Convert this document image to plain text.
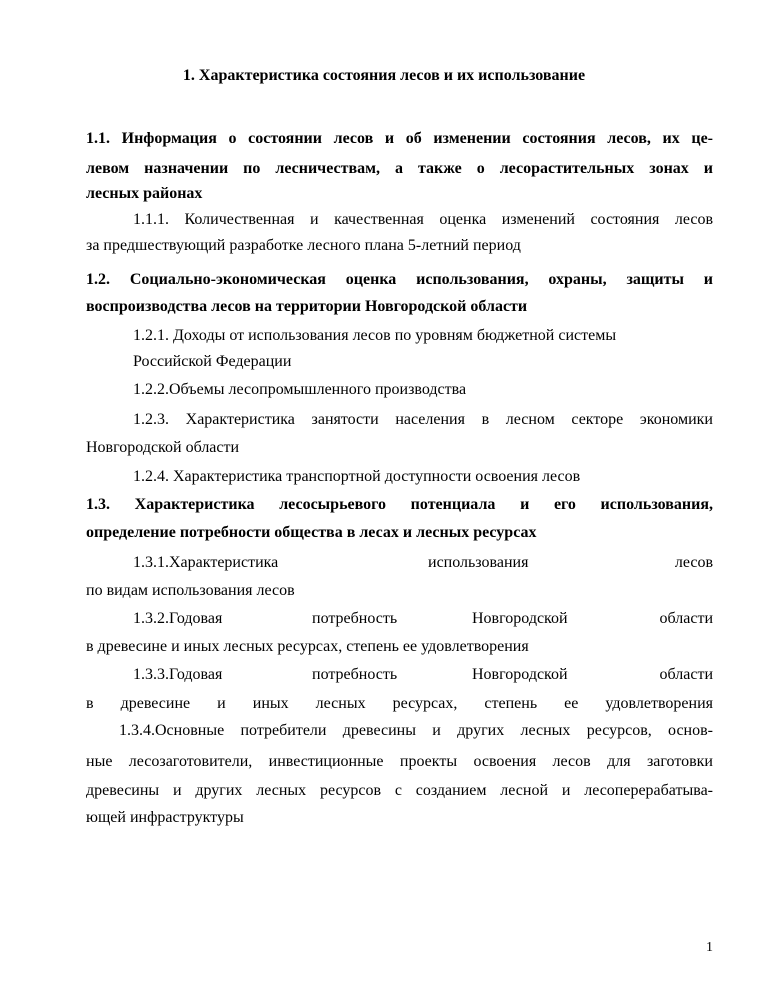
1. Характеристика состояния лесов и их использование
1.1. Информация о состоянии лесов и об изменении состояния лесов, их це-
левом назначении по лесничествам, а также о лесорастительных зонах и
лесных районах
1.1.1. Количественная и качественная оценка изменений состояния лесов
за предшествующий разработке лесного плана 5-летний период
1.2. Социально-экономическая оценка использования, охраны, защиты и
воспроизводства лесов на территории Новгородской области
1.2.1. Доходы от использования лесов по уровням бюджетной системы
Российской Федерации
1.2.2.Объемы лесопромышленного производства
1.2.3. Характеристика занятости населения в лесном секторе экономики
Новгородской области
1.2.4. Характеристика транспортной доступности освоения лесов
1.3. Характеристика лесосырьевого потенциала и его использования,
определение потребности общества в лесах и лесных ресурсах
1.3.1.Характеристика	использования	лесов
по видам использования лесов
1.3.2.Годовая	потребность	Новгородской	области
в древесине и иных лесных ресурсах, степень ее удовлетворения
1.3.3.Годовая	потребность	Новгородской	области
в древесине и иных лесных ресурсах, степень ее удовлетворения
1.3.4.Основные потребители древесины и других лесных ресурсов, основ-
ные лесозаготовители, инвестиционные проекты освоения лесов для заготовки
древесины и других лесных ресурсов с созданием лесной и лесоперерабатыва-
ющей инфраструктуры
1
